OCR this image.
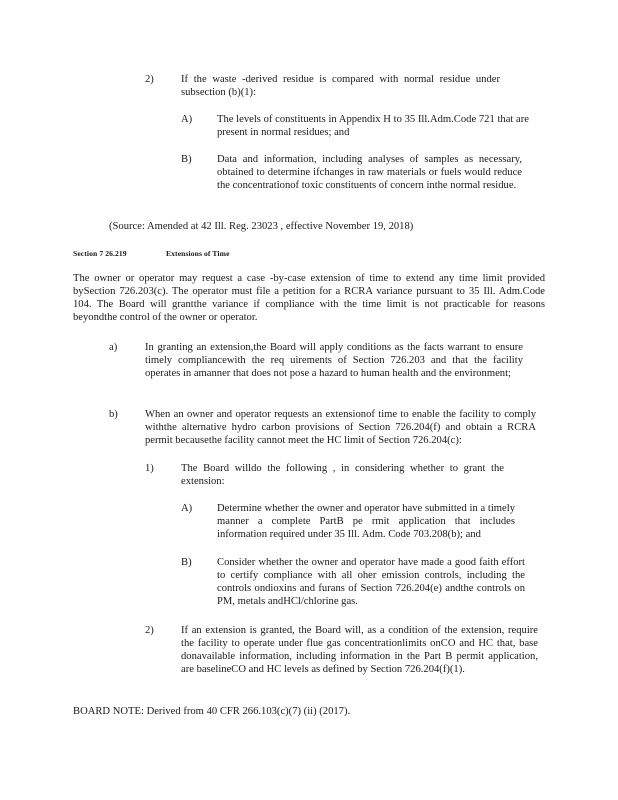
2)	If the waste -derived residue is compared with normal residue under subsection (b)(1):
A) The levels of constituents in Appendix H to 35 Ill.Adm.Code 721 that are present in normal residues; and
B) Data and information, including analyses of samples as necessary, obtained to determine ifchanges in raw materials or fuels would reduce the concentrationof toxic constituents of concern inthe normal residue.
(Source: Amended at 42 Ill. Reg. 23023 , effective November 19, 2018)
Section 7 26.219	Extensions of Time
The owner or operator may request a case -by-case extension of time to extend any time limit provided bySection 726.203(c). The operator must file a petition for a RCRA variance pursuant to 35 Ill. Adm.Code 104. The Board will grantthe variance if compliance with the time limit is not practicable for reasons beyondthe control of the owner or operator.
a)	In granting an extension,the Board will apply conditions as the facts warrant to ensure timely compliancewith the req uirements of Section 726.203 and that the facility operates in amanner that does not pose a hazard to human health and the environment;
b)	When an owner and operator requests an extensionof time to enable the facility to comply withthe alternative hydro carbon provisions of Section 726.204(f) and obtain a RCRA permit becausethe facility cannot meet the HC limit of Section 726.204(c):
1)	The Board willdo the following , in considering whether to grant the extension:
A) Determine whether the owner and operator have submitted in a timely manner a complete PartB pe rmit application that includes information required under 35 Ill. Adm. Code 703.208(b); and
B) Consider whether the owner and operator have made a good faith effort to certify compliance with all oher emission controls, including the controls ondioxins and furans of Section 726.204(e) andthe controls on PM, metals andHCl/chlorine gas.
2)	If an extension is granted, the Board will, as a condition of the extension, require the facility to operate under flue gas concentrationlimits onCO and HC that, base donavailable information, including information in the Part B permit application, are baselineCO and HC levels as defined by Section 726.204(f)(1).
BOARD NOTE: Derived from 40 CFR 266.103(c)(7) (ii) (2017).
